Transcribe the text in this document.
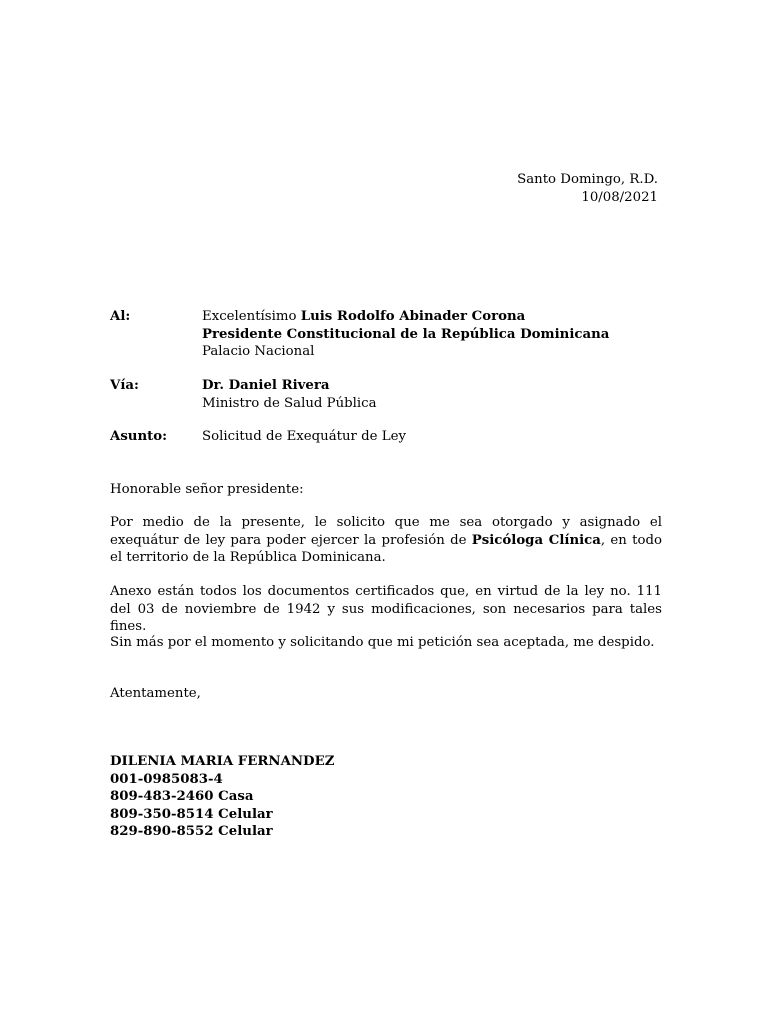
Santo Domingo, R.D.
10/08/2021
Al:	Excelentísimo Luis Rodolfo Abinader Corona
Presidente Constitucional de la República Dominicana
Palacio Nacional
Vía:	Dr. Daniel Rivera
Ministro de Salud Pública
Asunto:	Solicitud de Exequátur de Ley
Honorable señor presidente:
Por medio de la presente, le solicito que me sea otorgado y asignado el exequátur de ley para poder ejercer la profesión de Psicóloga Clínica, en todo el territorio de la República Dominicana.
Anexo están todos los documentos certificados que, en virtud de la ley no. 111 del 03 de noviembre de 1942 y sus modificaciones, son necesarios para tales fines.
Sin más por el momento y solicitando que mi petición sea aceptada, me despido.
Atentamente,
DILENIA MARIA FERNANDEZ
001-0985083-4
809-483-2460 Casa
809-350-8514 Celular
829-890-8552 Celular
